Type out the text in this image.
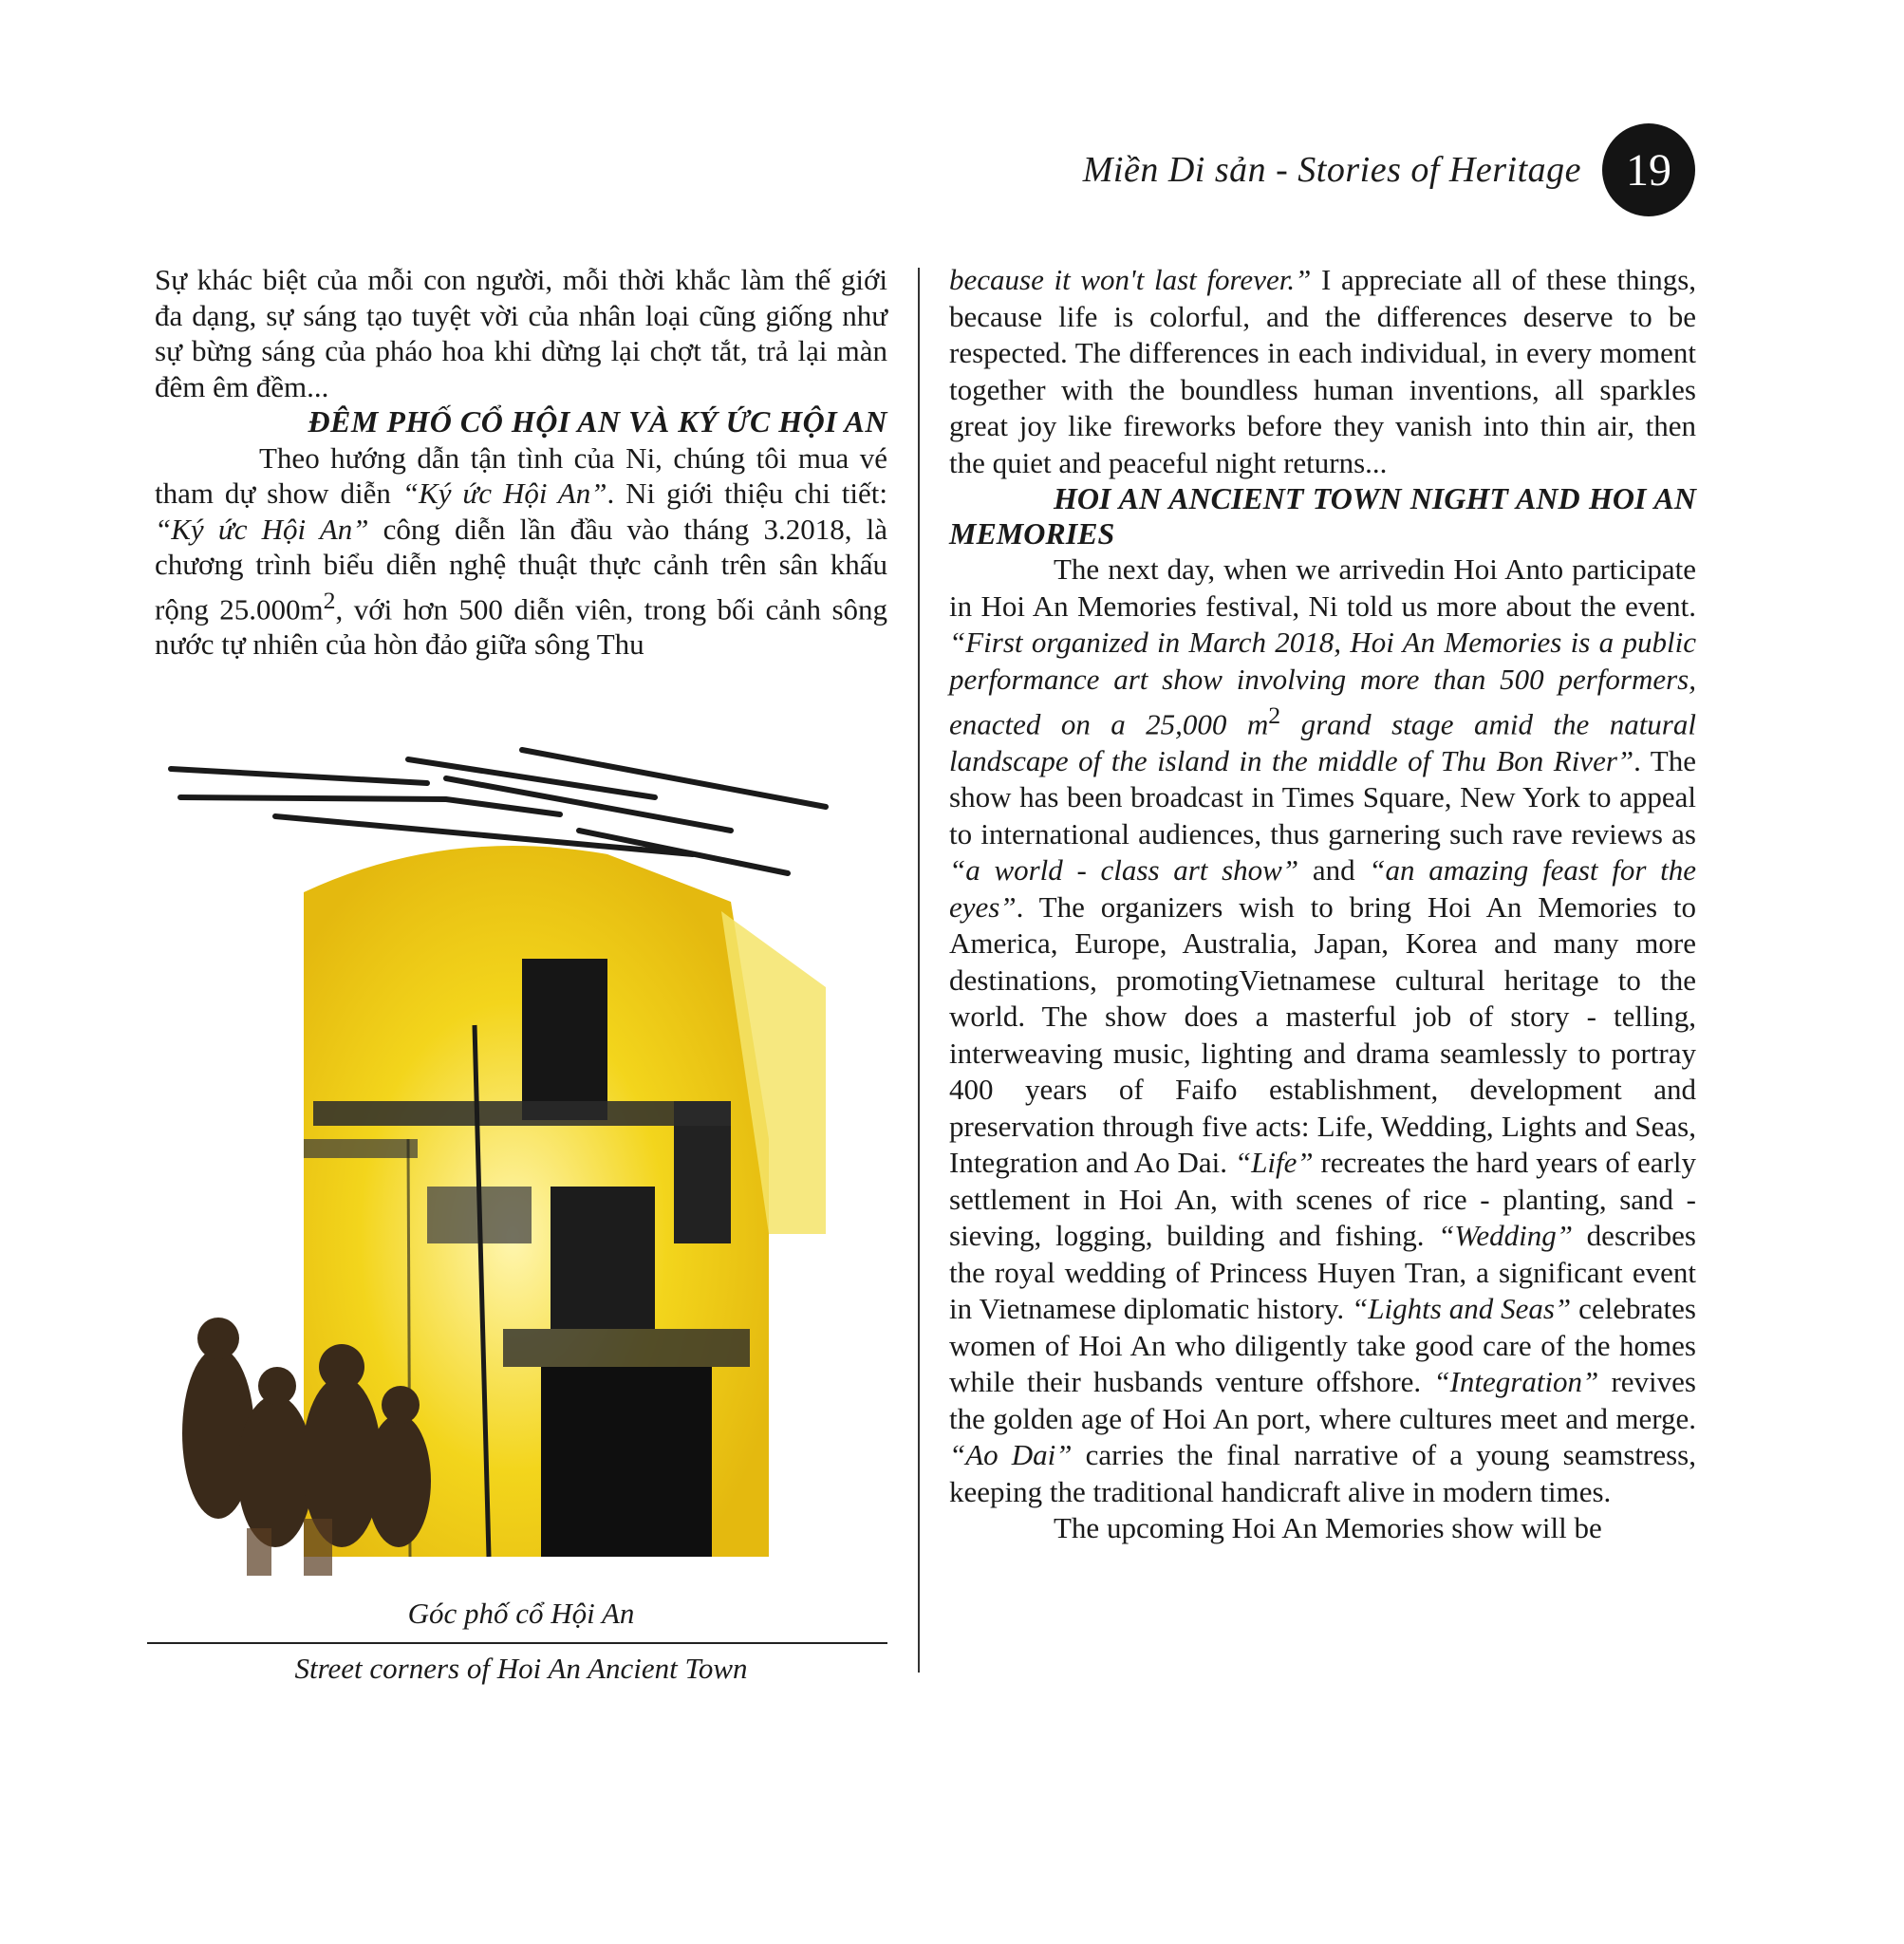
Miền Di sản - Stories of Heritage 19

Sự khác biệt của mỗi con người, mỗi thời khắc làm thế giới đa dạng, sự sáng tạo tuyệt vời của nhân loại cũng giống như sự bừng sáng của pháo hoa khi dừng lại chợt tắt, trả lại màn đêm êm đềm...

ĐÊM PHỐ CỔ HỘI AN VÀ KÝ ỨC HỘI AN

Theo hướng dẫn tận tình của Ni, chúng tôi mua vé tham dự show diễn “Ký ức Hội An”. Ni giới thiệu chi tiết: “Ký ức Hội An” công diễn lần đầu vào tháng 3.2018, là chương trình biểu diễn nghệ thuật thực cảnh trên sân khấu rộng $25.000m^2$, với hơn 500 diễn viên, trong bối cảnh sông nước tự nhiên của hòn đảo giữa sông Thu

Góc phố cổ Hội An
Street corners of Hoi An Ancient Town

because it won't last forever.” I appreciate all of these things, because life is colorful, and the differences deserve to be respected. The differences in each individual, in every moment together with the boundless human inventions, all sparkles great joy like fireworks before they vanish into thin air, then the quiet and peaceful night returns...

HOI AN ANCIENT TOWN NIGHT AND HOI AN MEMORIES

The next day, when we arrivedin Hoi Anto participate in Hoi An Memories festival, Ni told us more about the event. “First organized in March 2018, Hoi An Memories is a public performance art show involving more than 500 performers, enacted on a 25,000 $m^2$ grand stage amid the natural landscape of the island in the middle of Thu Bon River”. The show has been broadcast in Times Square, New York to appeal to international audiences, thus garnering such rave reviews as “a world - class art show” and “an amazing feast for the eyes”. The organizers wish to bring Hoi An Memories to America, Europe, Australia, Japan, Korea and many more destinations, promotingVietnamese cultural heritage to the world. The show does a masterful job of story - telling, interweaving music, lighting and drama seamlessly to portray 400 years of Faifo establishment, development and preservation through five acts: Life, Wedding, Lights and Seas, Integration and Ao Dai. “Life” recreates the hard years of early settlement in Hoi An, with scenes of rice - planting, sand - sieving, logging, building and fishing. “Wedding” describes the royal wedding of Princess Huyen Tran, a significant event in Vietnamese diplomatic history. “Lights and Seas” celebrates women of Hoi An who diligently take good care of the homes while their husbands venture offshore. “Integration” revives the golden age of Hoi An port, where cultures meet and merge. “Ao Dai” carries the final narrative of a young seamstress, keeping the traditional handicraft alive in modern times.

The upcoming Hoi An Memories show will be
